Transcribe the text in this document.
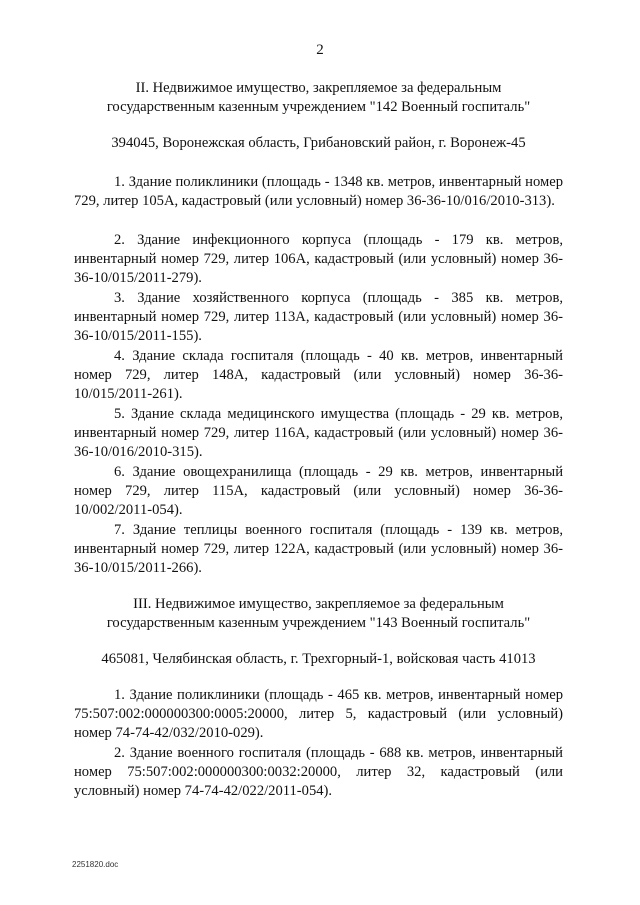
2
II. Недвижимое имущество, закрепляемое за федеральным
государственным казенным учреждением "142 Военный госпиталь"
394045, Воронежская область, Грибановский район, г. Воронеж-45

1. Здание поликлиники (площадь - 1348 кв. метров, инвентарный номер 729, литер 105А, кадастровый (или условный) номер 36-36-10/016/2010-313).

2. Здание инфекционного корпуса (площадь - 179 кв. метров, инвентарный номер 729, литер 106А, кадастровый (или условный) номер 36-36-10/015/2011-279).

3. Здание хозяйственного корпуса (площадь - 385 кв. метров, инвентарный номер 729, литер 113А, кадастровый (или условный) номер 36-36-10/015/2011-155).

4. Здание склада госпиталя (площадь - 40 кв. метров, инвентарный номер 729, литер 148А, кадастровый (или условный) номер 36-36-10/015/2011-261).

5. Здание склада медицинского имущества (площадь - 29 кв. метров, инвентарный номер 729, литер 116А, кадастровый (или условный) номер 36-36-10/016/2010-315).

6. Здание овощехранилища (площадь - 29 кв. метров, инвентарный номер 729, литер 115А, кадастровый (или условный) номер 36-36-10/002/2011-054).

7. Здание теплицы военного госпиталя (площадь - 139 кв. метров, инвентарный номер 729, литер 122А, кадастровый (или условный) номер 36-36-10/015/2011-266).

III. Недвижимое имущество, закрепляемое за федеральным
государственным казенным учреждением "143 Военный госпиталь"
465081, Челябинская область, г. Трехгорный-1, войсковая часть 41013

1. Здание поликлиники (площадь - 465 кв. метров, инвентарный номер 75:507:002:000000300:0005:20000, литер 5, кадастровый (или условный) номер 74-74-42/032/2010-029).

2. Здание военного госпиталя (площадь - 688 кв. метров, инвентарный номер 75:507:002:000000300:0032:20000, литер 32, кадастровый (или условный) номер 74-74-42/022/2011-054).

2251820.doc
